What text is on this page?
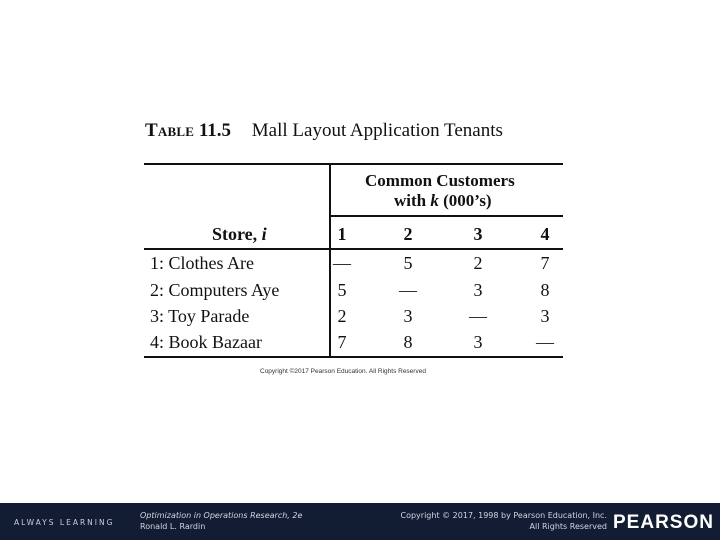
Table 11.5 Mall Layout Application Tenants
Common Customers
with k (000’s)
Store, i	1	2	3	4
1: Clothes Are	—	5	2	7
2: Computers Aye	5	—	3	8
3: Toy Parade	2	3	—	3
4: Book Bazaar	7	8	3	—
Copyright ©2017 Pearson Education. All Rights Reserved
ALWAYS LEARNING
Optimization in Operations Research, 2e
Ronald L. Rardin
Copyright © 2017, 1998 by Pearson Education, Inc.
All Rights Reserved PEARSON
